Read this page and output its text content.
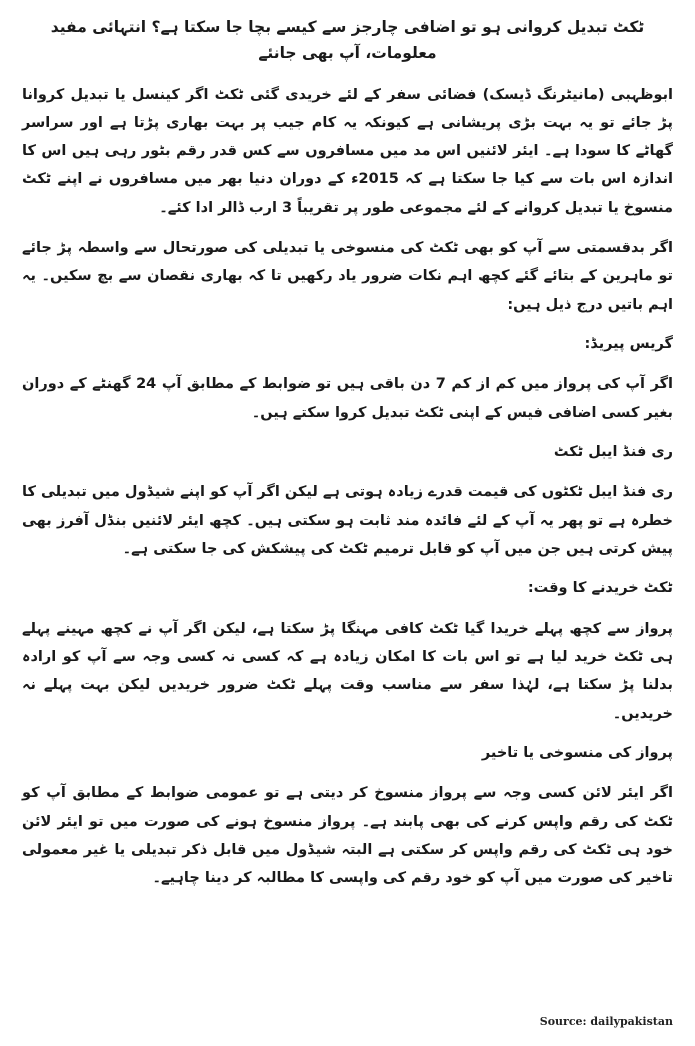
ٹکٹ تبدیل کروانی ہو تو اضافی چارجز سے کیسے بچا جا سکتا ہے؟ انتہائی مفید معلومات، آپ بھی جانئے

ابوظہبی (مانیٹرنگ ڈیسک) فضائی سفر کے لئے خریدی گئی ٹکٹ اگر کینسل یا تبدیل کروانا پڑ جائے تو یہ بہت بڑی پریشانی ہے کیونکہ یہ کام جیب پر بہت بھاری پڑتا ہے اور سراسر گھاٹے کا سودا ہے۔ ایئر لائنیں اس مد میں مسافروں سے کس قدر رقم بٹور رہی ہیں اس کا اندازہ اس بات سے کیا جا سکتا ہے کہ 2015ء کے دوران دنیا بھر میں مسافروں نے اپنے ٹکٹ منسوخ یا تبدیل کروانے کے لئے مجموعی طور پر تقریباً 3 ارب ڈالر ادا کئے۔

اگر بدقسمتی سے آپ کو بھی ٹکٹ کی منسوخی یا تبدیلی کی صورتحال سے واسطہ پڑ جائے تو ماہرین کے بتائے گئے کچھ اہم نکات ضرور یاد رکھیں تا کہ بھاری نقصان سے بچ سکیں۔ یہ اہم باتیں درج ذیل ہیں:

گریس پیریڈ:

اگر آپ کی پرواز میں کم از کم 7 دن باقی ہیں تو ضوابط کے مطابق آپ 24 گھنٹے کے دوران بغیر کسی اضافی فیس کے اپنی ٹکٹ تبدیل کروا سکتے ہیں۔

ری فنڈ ایبل ٹکٹ

ری فنڈ ایبل ٹکٹوں کی قیمت قدرے زیادہ ہوتی ہے لیکن اگر آپ کو اپنے شیڈول میں تبدیلی کا خطرہ ہے تو پھر یہ آپ کے لئے فائدہ مند ثابت ہو سکتی ہیں۔ کچھ ایئر لائنیں بنڈل آفرز بھی پیش کرتی ہیں جن میں آپ کو قابل ترمیم ٹکٹ کی پیشکش کی جا سکتی ہے۔

ٹکٹ خریدنے کا وقت:

پرواز سے کچھ پہلے خریدا گیا ٹکٹ کافی مہنگا پڑ سکتا ہے، لیکن اگر آپ نے کچھ مہینے پہلے ہی ٹکٹ خرید لیا ہے تو اس بات کا امکان زیادہ ہے کہ کسی نہ کسی وجہ سے آپ کو ارادہ بدلنا پڑ سکتا ہے، لہٰذا سفر سے مناسب وقت پہلے ٹکٹ ضرور خریدیں لیکن بہت پہلے نہ خریدیں۔

پرواز کی منسوخی یا تاخیر

اگر ایئر لائن کسی وجہ سے پرواز منسوخ کر دیتی ہے تو عمومی ضوابط کے مطابق آپ کو ٹکٹ کی رقم واپس کرنے کی بھی پابند ہے۔ پرواز منسوخ ہونے کی صورت میں تو ایئر لائن خود ہی ٹکٹ کی رقم واپس کر سکتی ہے البتہ شیڈول میں قابل ذکر تبدیلی یا غیر معمولی تاخیر کی صورت میں آپ کو خود رقم کی واپسی کا مطالبہ کر دینا چاہیے۔

Source: dailypakistan
